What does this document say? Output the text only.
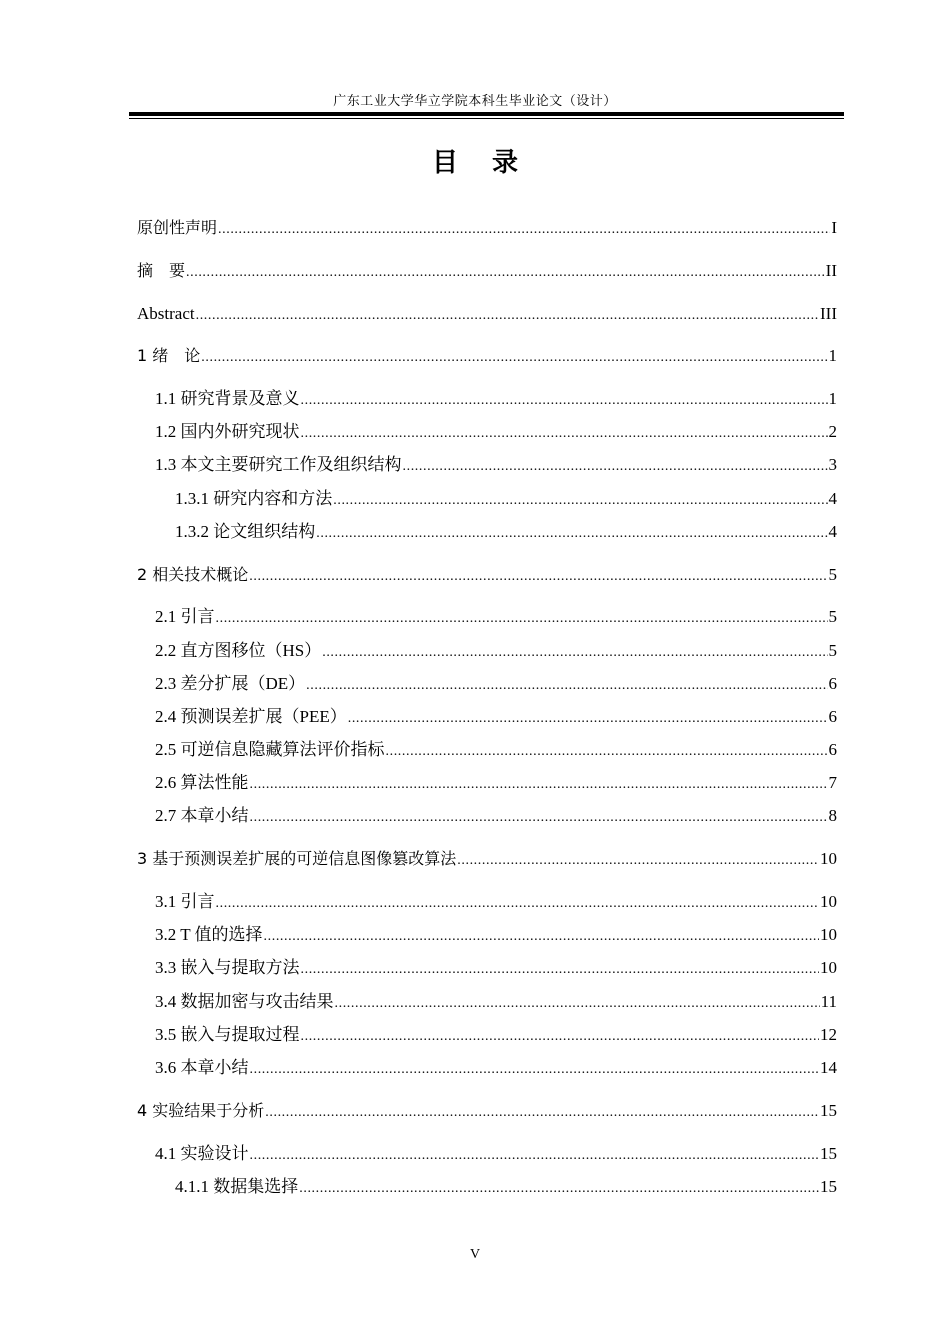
广东工业大学华立学院本科生毕业论文（设计）
目录
原创性声明 .....	I
摘　要 .....	II
Abstract .....	III
1 绪　论 .....	1
1.1 研究背景及意义 .....	1
1.2 国内外研究现状 .....	2
1.3 本文主要研究工作及组织结构 .....	3
1.3.1 研究内容和方法 .....	4
1.3.2 论文组织结构 .....	4
2 相关技术概论 .....	5
2.1 引言 .....	5
2.2 直方图移位（HS） .....	5
2.3 差分扩展（DE） .....	6
2.4 预测误差扩展（PEE） .....	6
2.5 可逆信息隐藏算法评价指标 .....	6
2.6 算法性能 .....	7
2.7 本章小结 .....	8
3 基于预测误差扩展的可逆信息图像篡改算法 .....	10
3.1 引言 .....	10
3.2 T 值的选择 .....	10
3.3 嵌入与提取方法 .....	10
3.4 数据加密与攻击结果 .....	11
3.5 嵌入与提取过程 .....	12
3.6 本章小结 .....	14
4 实验结果于分析 .....	15
4.1 实验设计 .....	15
4.1.1 数据集选择 .....	15
V
